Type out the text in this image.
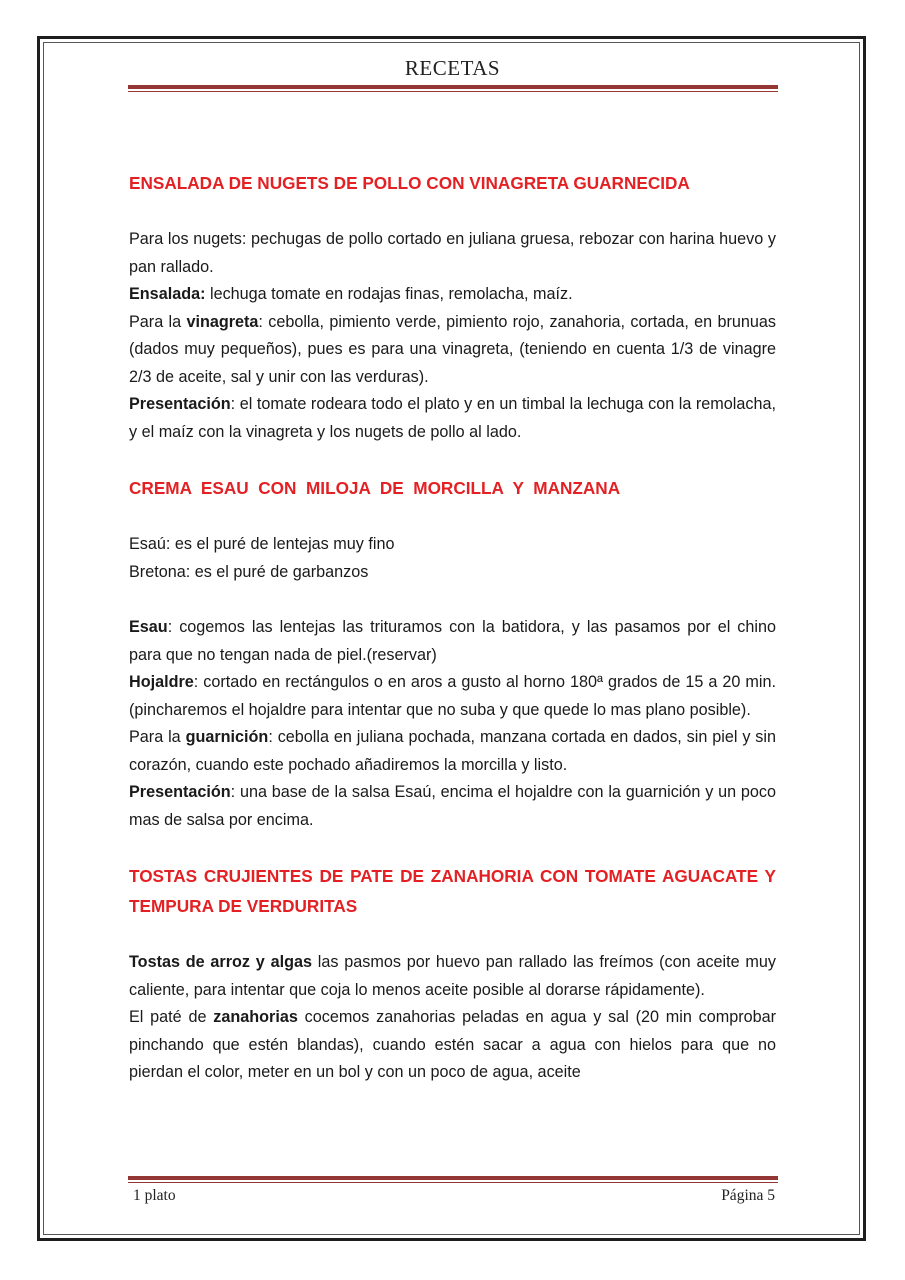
RECETAS
ENSALADA DE NUGETS DE POLLO CON VINAGRETA GUARNECIDA

Para los nugets: pechugas de pollo cortado en juliana gruesa, rebozar con harina huevo y pan rallado.

Ensalada: lechuga tomate en rodajas finas, remolacha, maíz.

Para la vinagreta: cebolla, pimiento verde, pimiento rojo, zanahoria, cortada, en brunuas (dados muy pequeños), pues es para una vinagreta, (teniendo en cuenta 1/3 de vinagre 2/3 de aceite, sal y unir con las verduras).

Presentación: el tomate rodeara todo el plato y en un timbal la lechuga con la remolacha, y el maíz con la vinagreta y los nugets de pollo al lado.

CREMA  ESAU  CON  MILOJA  DE  MORCILLA  Y  MANZANA

Esaú: es el puré de lentejas muy fino

Bretona: es el puré de garbanzos

Esau: cogemos las lentejas las trituramos con la batidora, y las pasamos por el chino para que no tengan nada de piel.(reservar)

Hojaldre: cortado en rectángulos o en aros a gusto al horno 180ª grados de 15 a 20 min.(pincharemos el hojaldre para intentar que no suba y que quede lo mas plano posible).

Para la guarnición: cebolla en juliana pochada, manzana cortada en dados, sin piel y sin corazón, cuando este pochado añadiremos la morcilla y listo.

Presentación: una base de la salsa Esaú, encima el hojaldre con la guarnición y un poco mas de salsa por encima.

TOSTAS CRUJIENTES DE PATE DE ZANAHORIA CON TOMATE AGUACATE Y TEMPURA DE VERDURITAS

Tostas de arroz y algas las pasmos por huevo pan rallado las freímos (con aceite muy caliente, para intentar que coja lo menos aceite posible al dorarse rápidamente).

El paté de zanahorias cocemos zanahorias peladas en agua y sal (20 min comprobar pinchando que estén blandas), cuando estén sacar a agua con hielos para que no pierdan el color, meter en un bol y con un poco de agua, aceite

1 plato	Página 5
